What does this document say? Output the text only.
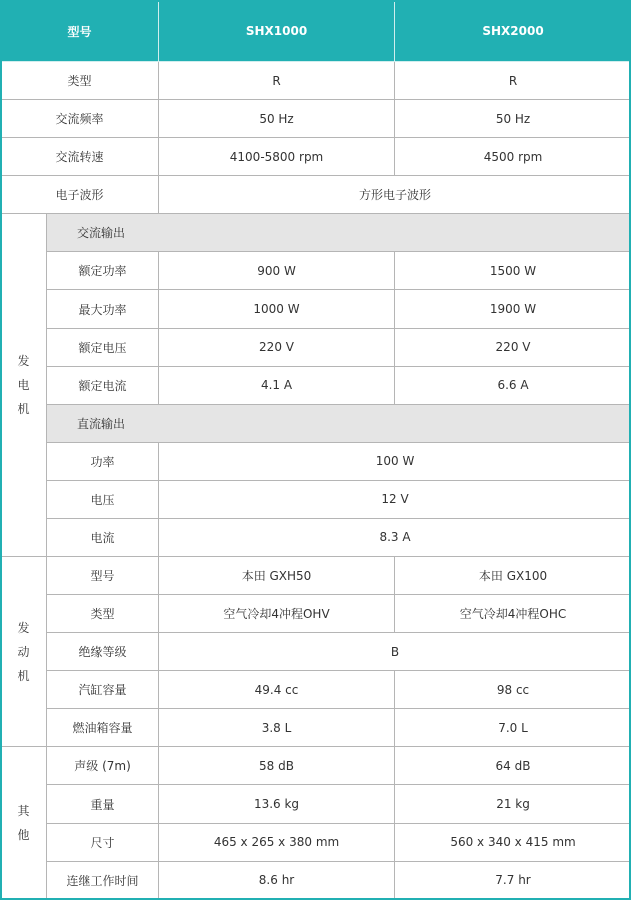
型号		SHX1000	SHX2000
类型		R	R
交流频率		50 Hz	50 Hz
交流转速		4100-5800 rpm	4500 rpm
电子波形		方形电子波形	

发
电
机	交流输出		
	额定功率	900 W	1500 W
	最大功率	1000 W	1900 W
	额定电压	220 V	220 V
	额定电流	4.1 A	6.6 A
	直流输出		
	功率	100 W	
	电压	12 V	
	电流	8.3 A	

发
动
机	型号	本田 GXH50	本田 GX100
	类型	空气冷却4冲程OHV	空气冷却4冲程OHC
	绝缘等级	B	
	汽缸容量	49.4 cc	98 cc
	燃油箱容量	3.8 L	7.0 L

其
他	声级 (7m)	58 dB	64 dB
	重量	13.6 kg	21 kg
	尺寸	465 x 265 x 380 mm	560 x 340 x 415 mm
	连继工作时间	8.6 hr	7.7 hr
